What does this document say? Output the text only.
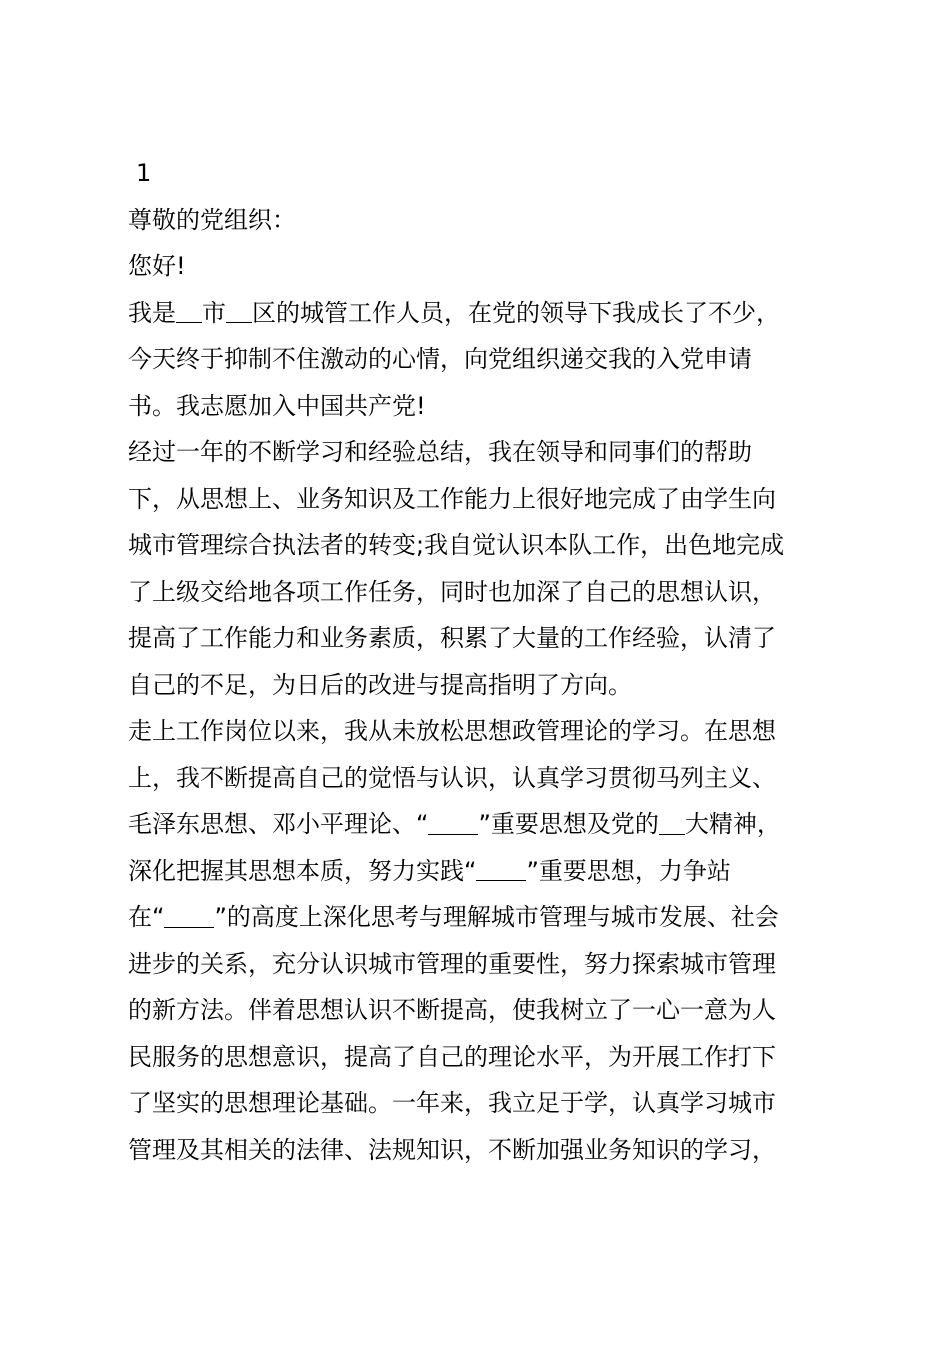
1
尊敬的党组织：
您好!
我是 市 区的城管工作人员，在党的领导下我成长了不少，
今天终于抑制不住激动的心情，向党组织递交我的入党申请
书。我志愿加入中国共产党!
经过一年的不断学习和经验总结，我在领导和同事们的帮助
下，从思想上、业务知识及工作能力上很好地完成了由学生向
城市管理综合执法者的转变;我自觉认识本队工作，出色地完成
了上级交给地各项工作任务，同时也加深了自己的思想认识，
提高了工作能力和业务素质，积累了大量的工作经验，认清了
自己的不足，为日后的改进与提高指明了方向。
走上工作岗位以来，我从未放松思想政管理论的学习。在思想
上，我不断提高自己的觉悟与认识，认真学习贯彻马列主义、
毛泽东思想、邓小平理论、“ ”重要思想及党的 大精神，
深化把握其思想本质，努力实践“ ”重要思想，力争站
在“ ”的高度上深化思考与理解城市管理与城市发展、社会
进步的关系，充分认识城市管理的重要性，努力探索城市管理
的新方法。伴着思想认识不断提高，使我树立了一心一意为人
民服务的思想意识，提高了自己的理论水平，为开展工作打下
了坚实的思想理论基础。一年来，我立足于学，认真学习城市
管理及其相关的法律、法规知识，不断加强业务知识的学习，
